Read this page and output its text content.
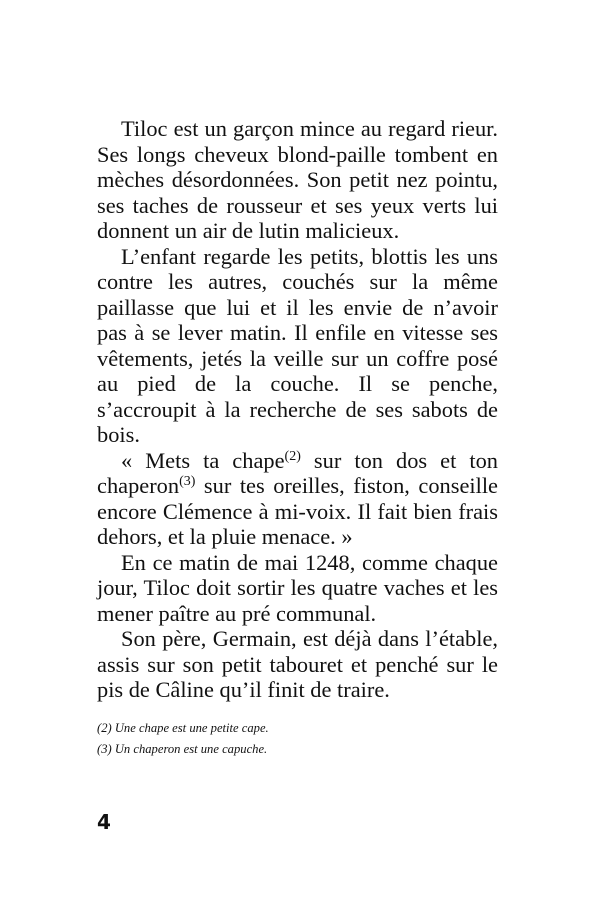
Tiloc est un garçon mince au regard rieur. Ses longs cheveux blond-paille tombent en mèches désordonnées. Son petit nez pointu, ses taches de rousseur et ses yeux verts lui donnent un air de lutin malicieux.

L’enfant regarde les petits, blottis les uns contre les autres, couchés sur la même paillasse que lui et il les envie de n’avoir pas à se lever matin. Il enfile en vitesse ses vêtements, jetés la veille sur un coffre posé au pied de la couche. Il se penche, s’accroupit à la recherche de ses sabots de bois.

« Mets ta chape$^{(2)}$ sur ton dos et ton chaperon$^{(3)}$ sur tes oreilles, fiston, conseille encore Clémence à mi-voix. Il fait bien frais dehors, et la pluie menace. »

En ce matin de mai 1248, comme chaque jour, Tiloc doit sortir les quatre vaches et les mener paître au pré communal.

Son père, Germain, est déjà dans l’étable, assis sur son petit tabouret et penché sur le pis de Câline qu’il finit de traire.

(2) Une chape est une petite cape.

(3) Un chaperon est une capuche.

4
